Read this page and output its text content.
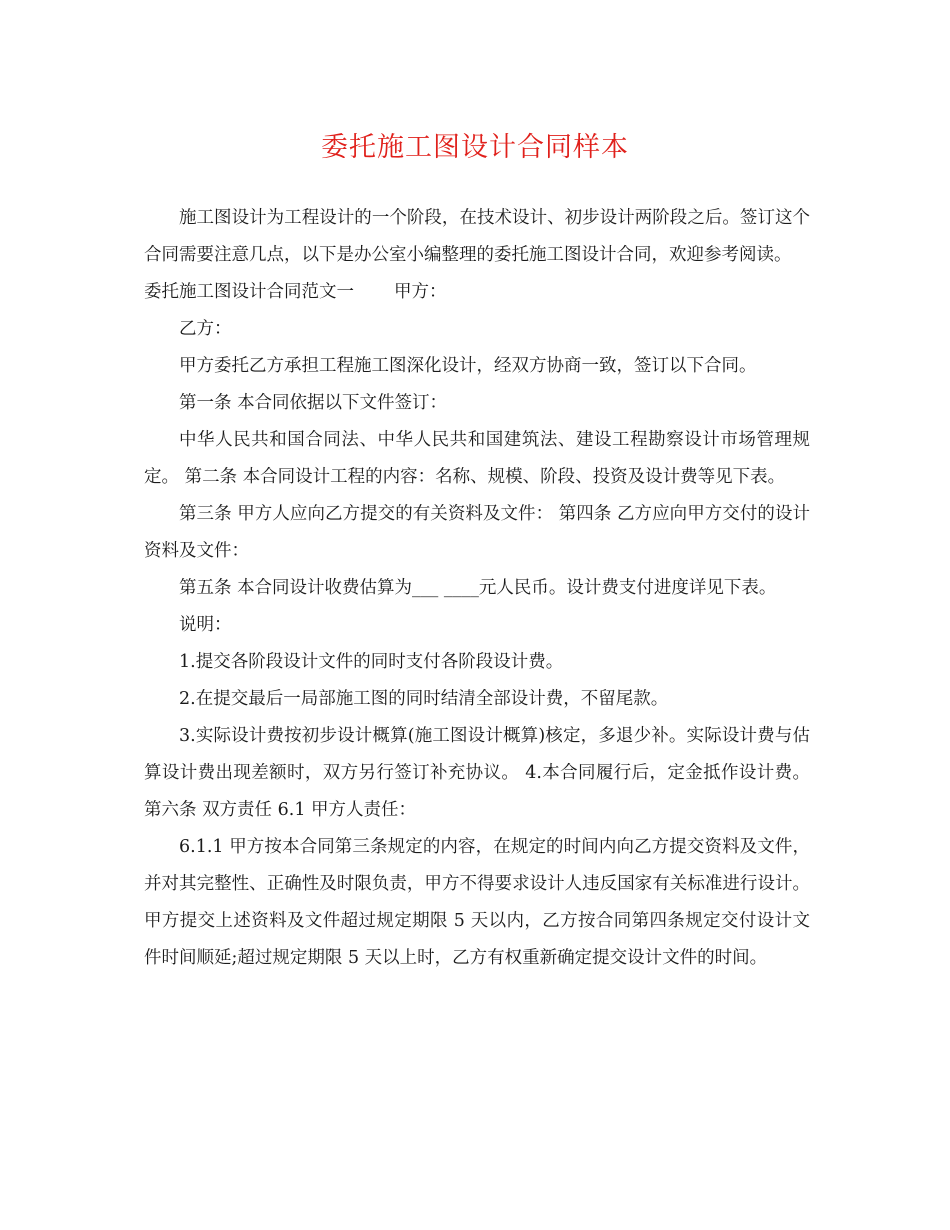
委托施工图设计合同样本

施工图设计为工程设计的一个阶段，在技术设计、初步设计两阶段之后。签订这个合同需要注意几点，以下是办公室小编整理的委托施工图设计合同，欢迎参考阅读。

委托施工图设计合同范文一 甲方：

乙方：

甲方委托乙方承担工程施工图深化设计，经双方协商一致，签订以下合同。

第一条 本合同依据以下文件签订：

中华人民共和国合同法、中华人民共和国建筑法、建设工程勘察设计市场管理规定。 第二条 本合同设计工程的内容：名称、规模、阶段、投资及设计费等见下表。

第三条 甲方人应向乙方提交的有关资料及文件： 第四条 乙方应向甲方交付的设计资料及文件：

第五条 本合同设计收费估算为___ ____元人民币。设计费支付进度详见下表。

说明：

1.提交各阶段设计文件的同时支付各阶段设计费。

2.在提交最后一局部施工图的同时结清全部设计费，不留尾款。

3.实际设计费按初步设计概算(施工图设计概算)核定，多退少补。实际设计费与估算设计费出现差额时，双方另行签订补充协议。 4.本合同履行后，定金抵作设计费。 第六条 双方责任 6.1 甲方人责任：

6.1.1 甲方按本合同第三条规定的内容，在规定的时间内向乙方提交资料及文件，并对其完整性、正确性及时限负责，甲方不得要求设计人违反国家有关标准进行设计。 甲方提交上述资料及文件超过规定期限 5 天以内，乙方按合同第四条规定交付设计文件时间顺延;超过规定期限 5 天以上时，乙方有权重新确定提交设计文件的时间。
